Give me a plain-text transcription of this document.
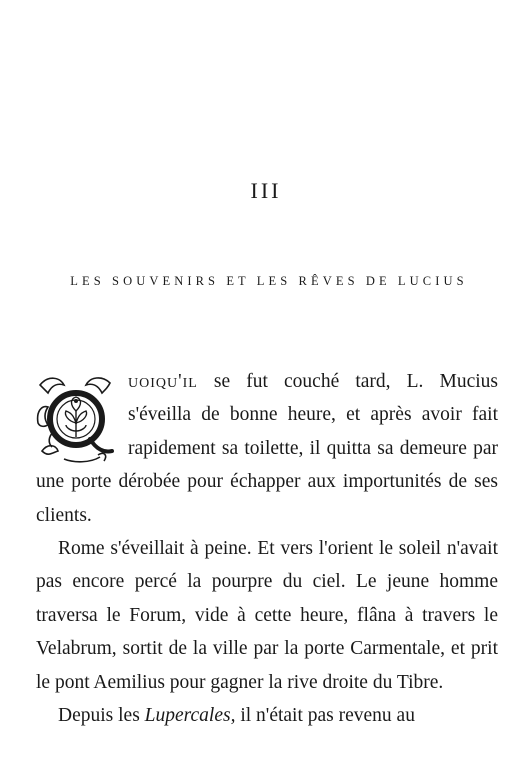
III
LES SOUVENIRS ET LES RÊVES DE LUCIUS

uoiqu'il se fut couché tard, L. Mucius s'éveilla de bonne heure, et après avoir fait rapidement sa toilette, il quitta sa demeure par une porte dérobée pour échapper aux importunités de ses clients.

Rome s'éveillait à peine. Et vers l'orient le soleil n'avait pas encore percé la pourpre du ciel. Le jeune homme traversa le Forum, vide à cette heure, flâna à travers le Velabrum, sortit de la ville par la porte Carmentale, et prit le pont Aemilius pour gagner la rive droite du Tibre.

Depuis les Lupercales, il n'était pas revenu au
